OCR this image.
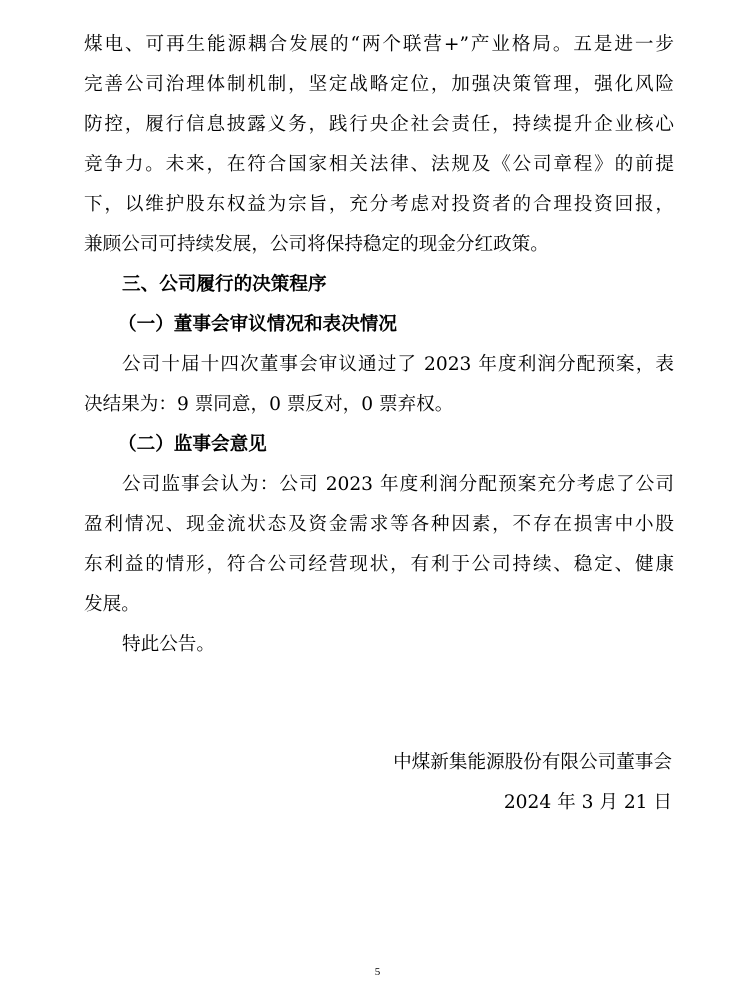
煤电、可再生能源耦合发展的“两个联营+”产业格局。五是进一步
完善公司治理体制机制，坚定战略定位，加强决策管理，强化风险
防控，履行信息披露义务，践行央企社会责任，持续提升企业核心
竞争力。未来，在符合国家相关法律、法规及《公司章程》的前提
下，以维护股东权益为宗旨，充分考虑对投资者的合理投资回报，
兼顾公司可持续发展，公司将保持稳定的现金分红政策。
三、公司履行的决策程序
（一）董事会审议情况和表决情况
公司十届十四次董事会审议通过了 2023 年度利润分配预案，表
决结果为：9 票同意，0 票反对，0 票弃权。
（二）监事会意见
公司监事会认为：公司 2023 年度利润分配预案充分考虑了公司
盈利情况、现金流状态及资金需求等各种因素，不存在损害中小股
东利益的情形，符合公司经营现状，有利于公司持续、稳定、健康
发展。
特此公告。
中煤新集能源股份有限公司董事会
2024 年 3 月 21 日
5
